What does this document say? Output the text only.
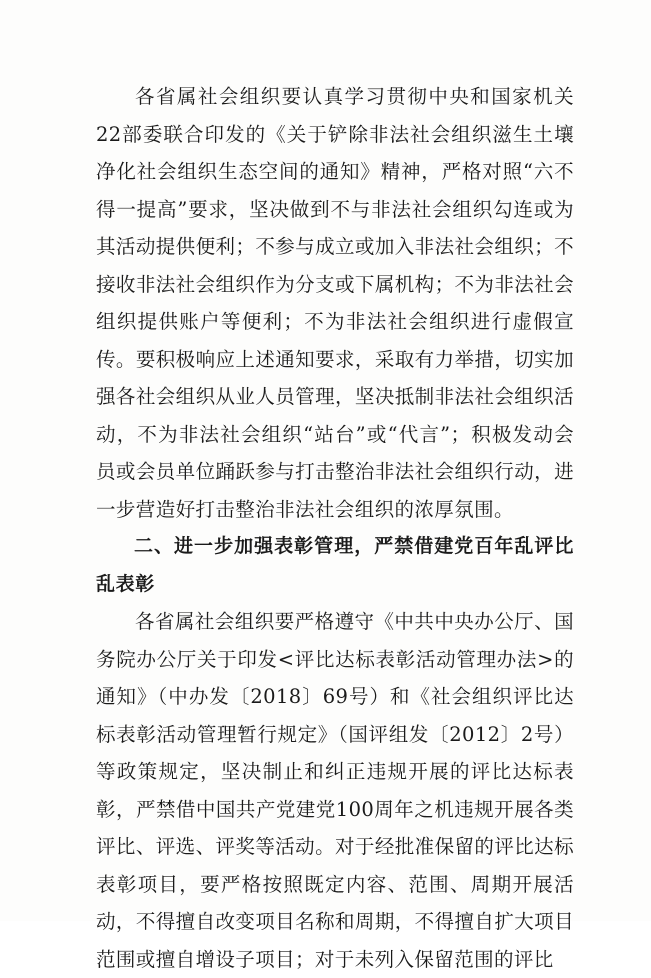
各省属社会组织要认真学习贯彻中央和国家机关22部委联合印发的《关于铲除非法社会组织滋生土壤 净化社会组织生态空间的通知》精神，严格对照“六不得一提高”要求，坚决做到不与非法社会组织勾连或为其活动提供便利；不参与成立或加入非法社会组织；不接收非法社会组织作为分支或下属机构；不为非法社会组织提供账户等便利；不为非法社会组织进行虚假宣传。要积极响应上述通知要求，采取有力举措，切实加强各社会组织从业人员管理，坚决抵制非法社会组织活动，不为非法社会组织“站台”或“代言”；积极发动会员或会员单位踊跃参与打击整治非法社会组织行动，进一步营造好打击整治非法社会组织的浓厚氛围。

二、进一步加强表彰管理，严禁借建党百年乱评比乱表彰

各省属社会组织要严格遵守《中共中央办公厅、国务院办公厅关于印发<评比达标表彰活动管理办法>的通知》（中办发〔2018〕69号）和《社会组织评比达标表彰活动管理暂行规定》（国评组发〔2012〕2号）等政策规定，坚决制止和纠正违规开展的评比达标表彰，严禁借中国共产党建党100周年之机违规开展各类评比、评选、评奖等活动。对于经批准保留的评比达标表彰项目，要严格按照既定内容、范围、周期开展活动，不得擅自改变项目名称和周期，不得擅自扩大项目范围或擅自增设子项目；对于未列入保留范围的评比
